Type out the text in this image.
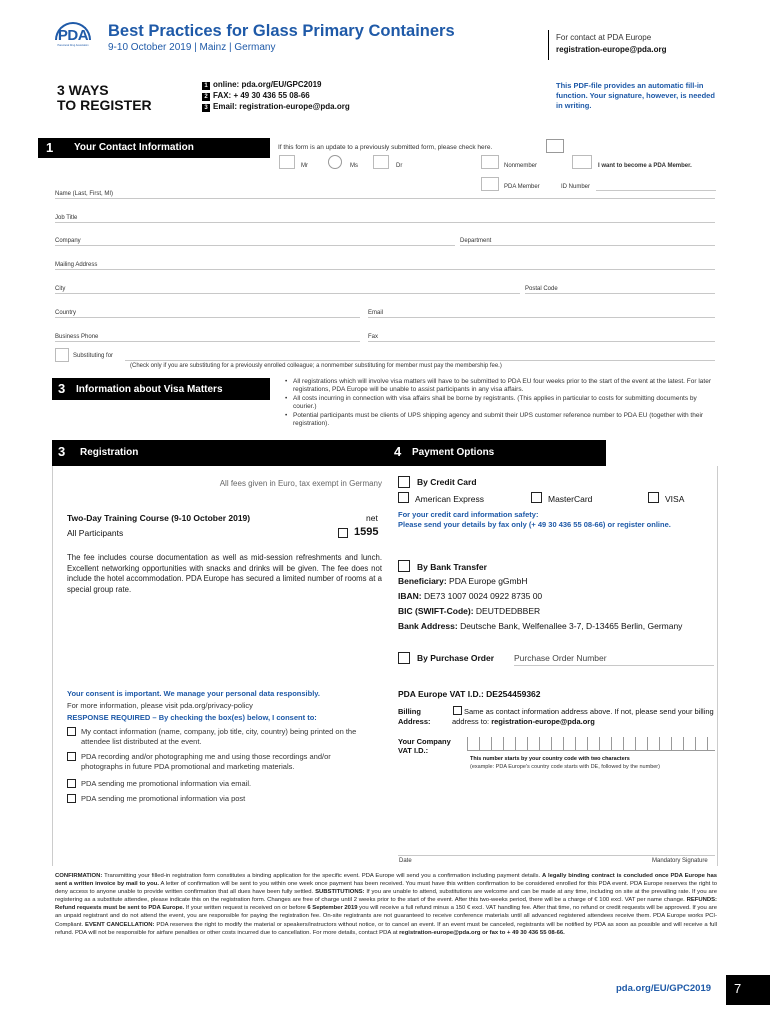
PDA
Parenteral Drug Association
Best Practices for Glass Primary Containers
9-10 October 2019 | Mainz | Germany
For contact at PDA Europe
registration-europe@pda.org
3 WAYS
TO REGISTER
1 online: pda.org/EU/GPC2019
2 FAX: + 49 30 436 55 08-66
3 Email: registration-europe@pda.org
This PDF-file provides an automatic fill-in function. Your signature, however, is needed in writing.
1 Your Contact Information	If this form is an update to a previously submitted form, please check here.
Mr	Ms	Dr	Nonmember	I want to become a PDA Member.
PDA Member	ID Number
Name (Last, First, MI)
Job Title
Company	Department
Mailing Address
City	Postal Code
Country	Email
Business Phone	Fax
Substituting for
(Check only if you are substituting for a previously enrolled colleague; a nonmember substituting for member must pay the membership fee.)
3 Information about Visa Matters
• All registrations which will involve visa matters will have to be submitted to PDA EU four weeks prior to the start of the event at the latest. For later registrations, PDA Europe will be unable to assist participants in any visa affairs.
• All costs incurring in connection with visa affairs shall be borne by registrants. (This applies in particular to costs for submitting documents by courier.)
• Potential participants must be clients of UPS shipping agency and submit their UPS customer reference number to PDA EU (together with their registration).
3 Registration
All fees given in Euro, tax exempt in Germany
Two-Day Training Course (9-10 October 2019)	net
All Participants	1595
The fee includes course documentation as well as mid-session refreshments and lunch. Excellent networking opportunities with snacks and drinks will be given. The fee does not include the hotel accommodation. PDA Europe has secured a limited number of rooms at a special group rate.
Your consent is important. We manage your personal data responsibly.
For more information, please visit pda.org/privacy-policy
RESPONSE REQUIRED – By checking the box(es) below, I consent to:
My contact information (name, company, job title, city, country) being printed on the attendee list distributed at the event.
PDA recording and/or photographing me and using those recordings and/or photographs in future PDA promotional and marketing materials.
PDA sending me promotional information via email.
PDA sending me promotional information via post
4 Payment Options
By Credit Card
American Express	MasterCard	VISA
For your credit card information safety:
Please send your details by fax only (+ 49 30 436 55 08-66) or register online.
By Bank Transfer
Beneficiary: PDA Europe gGmbH
IBAN: DE73 1007 0024 0922 8735 00
BIC (SWIFT-Code): DEUTDEDBBER
Bank Address: Deutsche Bank, Welfenallee 3-7, D-13465 Berlin, Germany
By Purchase Order Purchase Order Number
PDA Europe VAT I.D.: DE254459362
Billing
Address:
Same as contact information address above. If not, please send your billing address to: registration-europe@pda.org
Your Company
VAT I.D.:
This number starts by your country code with two characters
(example: PDA Europe's country code starts with DE, followed by the number)
Date	Mandatory Signature
CONFIRMATION: Transmitting your filled-in registration form constitutes a binding application for the specific event. PDA Europe will send you a confirmation including payment details. A legally binding contract is concluded once PDA Europe has sent a written invoice by mail to you. A letter of confirmation will be sent to you within one week once payment has been received. You must have this written confirmation to be considered enrolled for this PDA event. PDA Europe reserves the right to deny access to anyone unable to provide written confirmation that all dues have been fully settled. SUBSTITUTIONS: If you are unable to attend, substitutions are welcome and can be made at any time, including on site at the prevailing rate. If you are registering as a substitute attendee, please indicate this on the registration form. Changes are free of charge until 2 weeks prior to the start of the event. After this two-weeks period, there will be a charge of € 100 excl. VAT per name change. REFUNDS: Refund requests must be sent to PDA Europe. If your written request is received on or before 6 September 2019 you will receive a full refund minus a 150 € excl. VAT handling fee. After that time, no refund or credit requests will be approved. If you are an unpaid registrant and do not attend the event, you are responsible for paying the registration fee. On-site registrants are not guaranteed to receive conference materials until all advanced registered attendees receive them. PDA Europe works PCI-Compliant. EVENT CANCELLATION: PDA reserves the right to modify the material or speakers/instructors without notice, or to cancel an event. If an event must be canceled, registrants will be notified by PDA as soon as possible and will receive a full refund. PDA will not be responsible for airfare penalties or other costs incurred due to cancellation. For more details, contact PDA at registration-europe@pda.org or fax to + 49 30 436 55 08-66.
pda.org/EU/GPC2019 7
